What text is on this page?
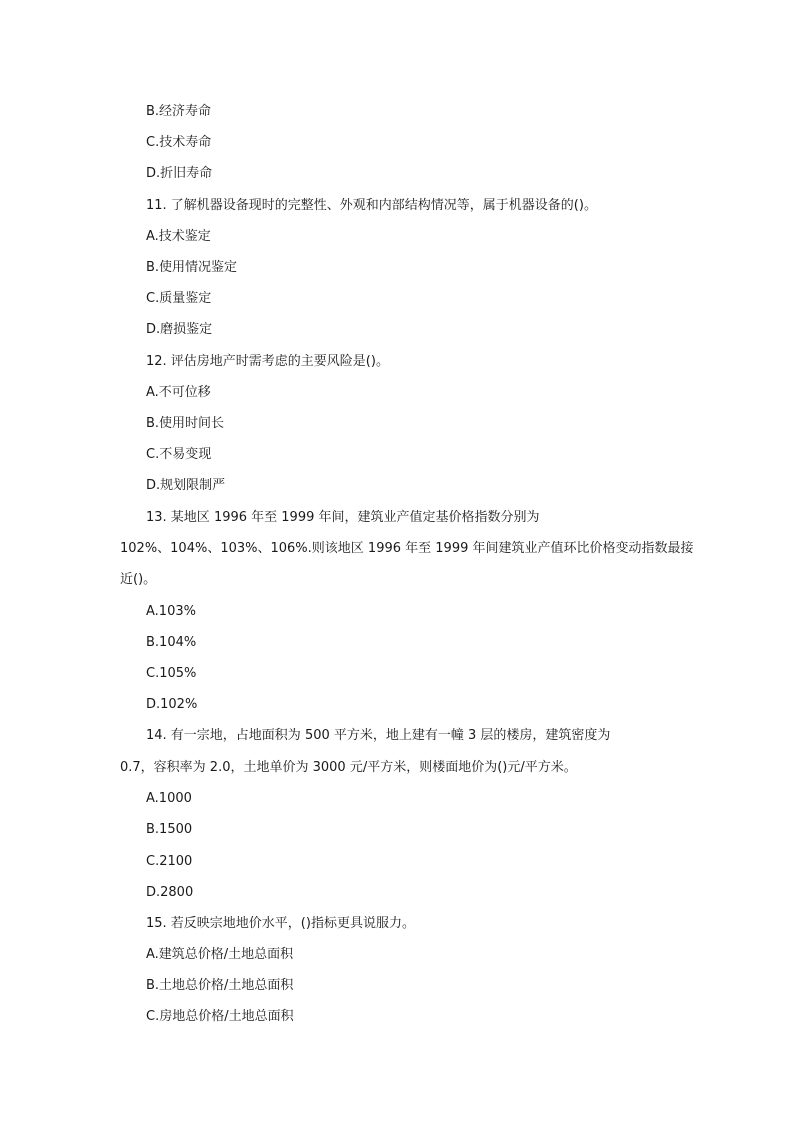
B.经济寿命
C.技术寿命
D.折旧寿命
11. 了解机器设备现时的完整性、外观和内部结构情况等，属于机器设备的()。
A.技术鉴定
B.使用情况鉴定
C.质量鉴定
D.磨损鉴定
12. 评估房地产时需考虑的主要风险是()。
A.不可位移
B.使用时间长
C.不易变现
D.规划限制严
13. 某地区 1996 年至 1999 年间，建筑业产值定基价格指数分别为
102%、104%、103%、106%.则该地区 1996 年至 1999 年间建筑业产值环比价格变动指数最接
近()。
A.103%
B.104%
C.105%
D.102%
14. 有一宗地，占地面积为 500 平方米，地上建有一幢 3 层的楼房，建筑密度为
0.7，容积率为 2.0，土地单价为 3000 元/平方米，则楼面地价为()元/平方米。
A.1000
B.1500
C.2100
D.2800
15. 若反映宗地地价水平，()指标更具说服力。
A.建筑总价格/土地总面积
B.土地总价格/土地总面积
C.房地总价格/土地总面积
